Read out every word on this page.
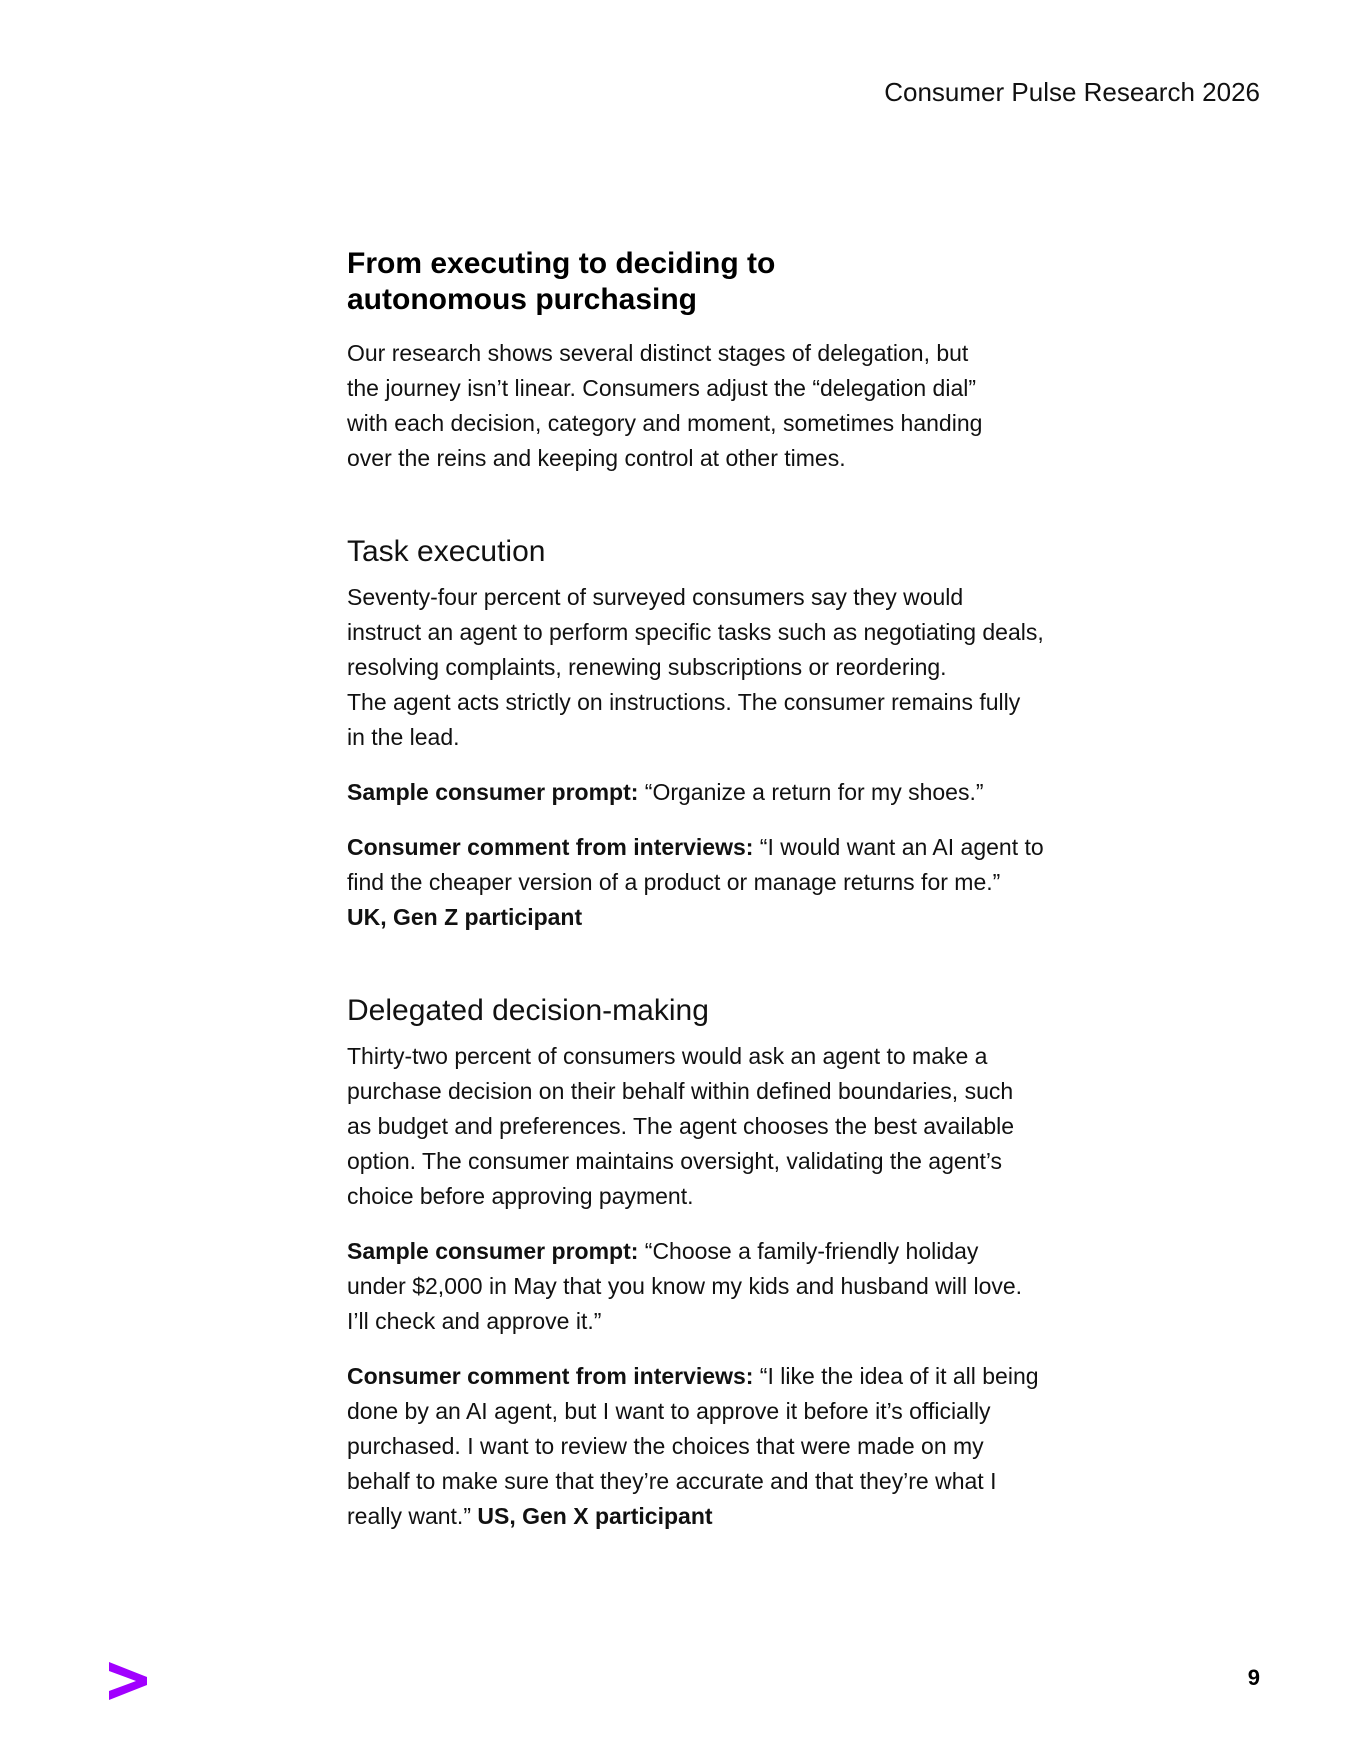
Consumer Pulse Research 2026
From executing to deciding to
autonomous purchasing

Our research shows several distinct stages of delegation, but
the journey isn’t linear. Consumers adjust the “delegation dial”
with each decision, category and moment, sometimes handing
over the reins and keeping control at other times.

Task execution

Seventy-four percent of surveyed consumers say they would
instruct an agent to perform specific tasks such as negotiating deals,
resolving complaints, renewing subscriptions or reordering.
The agent acts strictly on instructions. The consumer remains fully
in the lead.

Sample consumer prompt: “Organize a return for my shoes.”

Consumer comment from interviews: “I would want an AI agent to
find the cheaper version of a product or manage returns for me.”
UK, Gen Z participant

Delegated decision-making

Thirty-two percent of consumers would ask an agent to make a
purchase decision on their behalf within defined boundaries, such
as budget and preferences. The agent chooses the best available
option. The consumer maintains oversight, validating the agent’s
choice before approving payment.

Sample consumer prompt: “Choose a family-friendly holiday
under $2,000 in May that you know my kids and husband will love.
I’ll check and approve it.”

Consumer comment from interviews: “I like the idea of it all being
done by an AI agent, but I want to approve it before it’s officially
purchased. I want to review the choices that were made on my
behalf to make sure that they’re accurate and that they’re what I
really want.” US, Gen X participant

9
